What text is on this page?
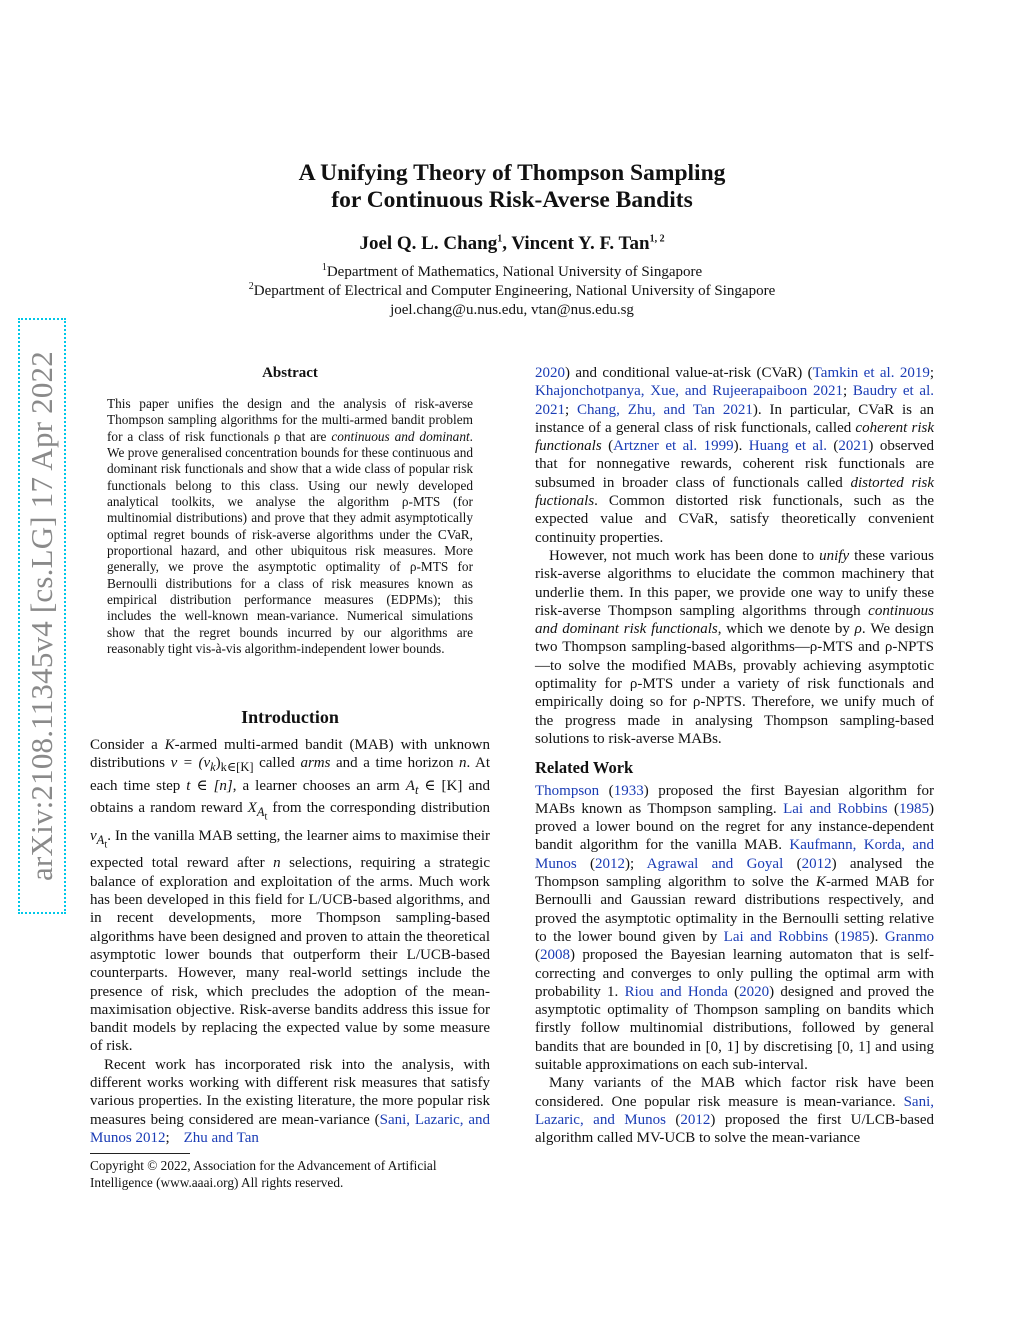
arXiv:2108.11345v4 [cs.LG] 17 Apr 2022
A Unifying Theory of Thompson Sampling
for Continuous Risk-Averse Bandits
Joel Q. L. Chang$^1$, Vincent Y. F. Tan$^{1, 2}$
$^1$Department of Mathematics, National University of Singapore
$^2$Department of Electrical and Computer Engineering, National University of Singapore
joel.chang@u.nus.edu, vtan@nus.edu.sg
Abstract
This paper unifies the design and the analysis of risk-averse Thompson sampling algorithms for the multi-armed bandit problem for a class of risk functionals ρ that are continuous and dominant. We prove generalised concentration bounds for these continuous and dominant risk functionals and show that a wide class of popular risk functionals belong to this class. Using our newly developed analytical toolkits, we analyse the algorithm ρ-MTS (for multinomial distributions) and prove that they admit asymptotically optimal regret bounds of risk-averse algorithms under the CVaR, proportional hazard, and other ubiquitous risk measures. More generally, we prove the asymptotic optimality of ρ-MTS for Bernoulli distributions for a class of risk measures known as empirical distribution performance measures (EDPMs); this includes the well-known mean-variance. Numerical simulations show that the regret bounds incurred by our algorithms are reasonably tight vis-à-vis algorithm-independent lower bounds.
Introduction

Consider a K-armed multi-armed bandit (MAB) with unknown distributions $\nu = (\nu_k)_{k\in[K]}$ called arms and a time horizon n. At each time step t ∈ [n], a learner chooses an arm $A_t$ ∈ [K] and obtains a random reward $X_{A_t}$ from the corresponding distribution $\nu_{A_t}$. In the vanilla MAB setting, the learner aims to maximise their expected total reward after n selections, requiring a strategic balance of exploration and exploitation of the arms. Much work has been developed in this field for L/UCB-based algorithms, and in recent developments, more Thompson sampling-based algorithms have been designed and proven to attain the theoretical asymptotic lower bounds that outperform their L/UCB-based counterparts. However, many real-world settings include the presence of risk, which precludes the adoption of the mean-maximisation objective. Risk-averse bandits address this issue for bandit models by replacing the expected value by some measure of risk.

Recent work has incorporated risk into the analysis, with different works working with different risk measures that satisfy various properties. In the existing literature, the more popular risk measures being considered are mean-variance (Sani, Lazaric, and Munos 2012; Zhu and Tan

Copyright © 2022, Association for the Advancement of Artificial Intelligence (www.aaai.org) All rights reserved.

2020) and conditional value-at-risk (CVaR) (Tamkin et al. 2019; Khajonchotpanya, Xue, and Rujeerapaiboon 2021; Baudry et al. 2021; Chang, Zhu, and Tan 2021). In particular, CVaR is an instance of a general class of risk functionals, called coherent risk functionals (Artzner et al. 1999). Huang et al. (2021) observed that for nonnegative rewards, coherent risk functionals are subsumed in broader class of functionals called distorted risk fuctionals. Common distorted risk functionals, such as the expected value and CVaR, satisfy theoretically convenient continuity properties.

However, not much work has been done to unify these various risk-averse algorithms to elucidate the common machinery that underlie them. In this paper, we provide one way to unify these risk-averse Thompson sampling algorithms through continuous and dominant risk functionals, which we denote by ρ. We design two Thompson sampling-based algorithms—ρ-MTS and ρ-NPTS—to solve the modified MABs, provably achieving asymptotic optimality for ρ-MTS under a variety of risk functionals and empirically doing so for ρ-NPTS. Therefore, we unify much of the progress made in analysing Thompson sampling-based solutions to risk-averse MABs.

Related Work

Thompson (1933) proposed the first Bayesian algorithm for MABs known as Thompson sampling. Lai and Robbins (1985) proved a lower bound on the regret for any instance-dependent bandit algorithm for the vanilla MAB. Kaufmann, Korda, and Munos (2012); Agrawal and Goyal (2012) analysed the Thompson sampling algorithm to solve the K-armed MAB for Bernoulli and Gaussian reward distributions respectively, and proved the asymptotic optimality in the Bernoulli setting relative to the lower bound given by Lai and Robbins (1985). Granmo (2008) proposed the Bayesian learning automaton that is self-correcting and converges to only pulling the optimal arm with probability 1. Riou and Honda (2020) designed and proved the asymptotic optimality of Thompson sampling on bandits which firstly follow multinomial distributions, followed by general bandits that are bounded in [0, 1] by discretising [0, 1] and using suitable approximations on each sub-interval.

Many variants of the MAB which factor risk have been considered. One popular risk measure is mean-variance. Sani, Lazaric, and Munos (2012) proposed the first U/LCB-based algorithm called MV-UCB to solve the mean-variance
